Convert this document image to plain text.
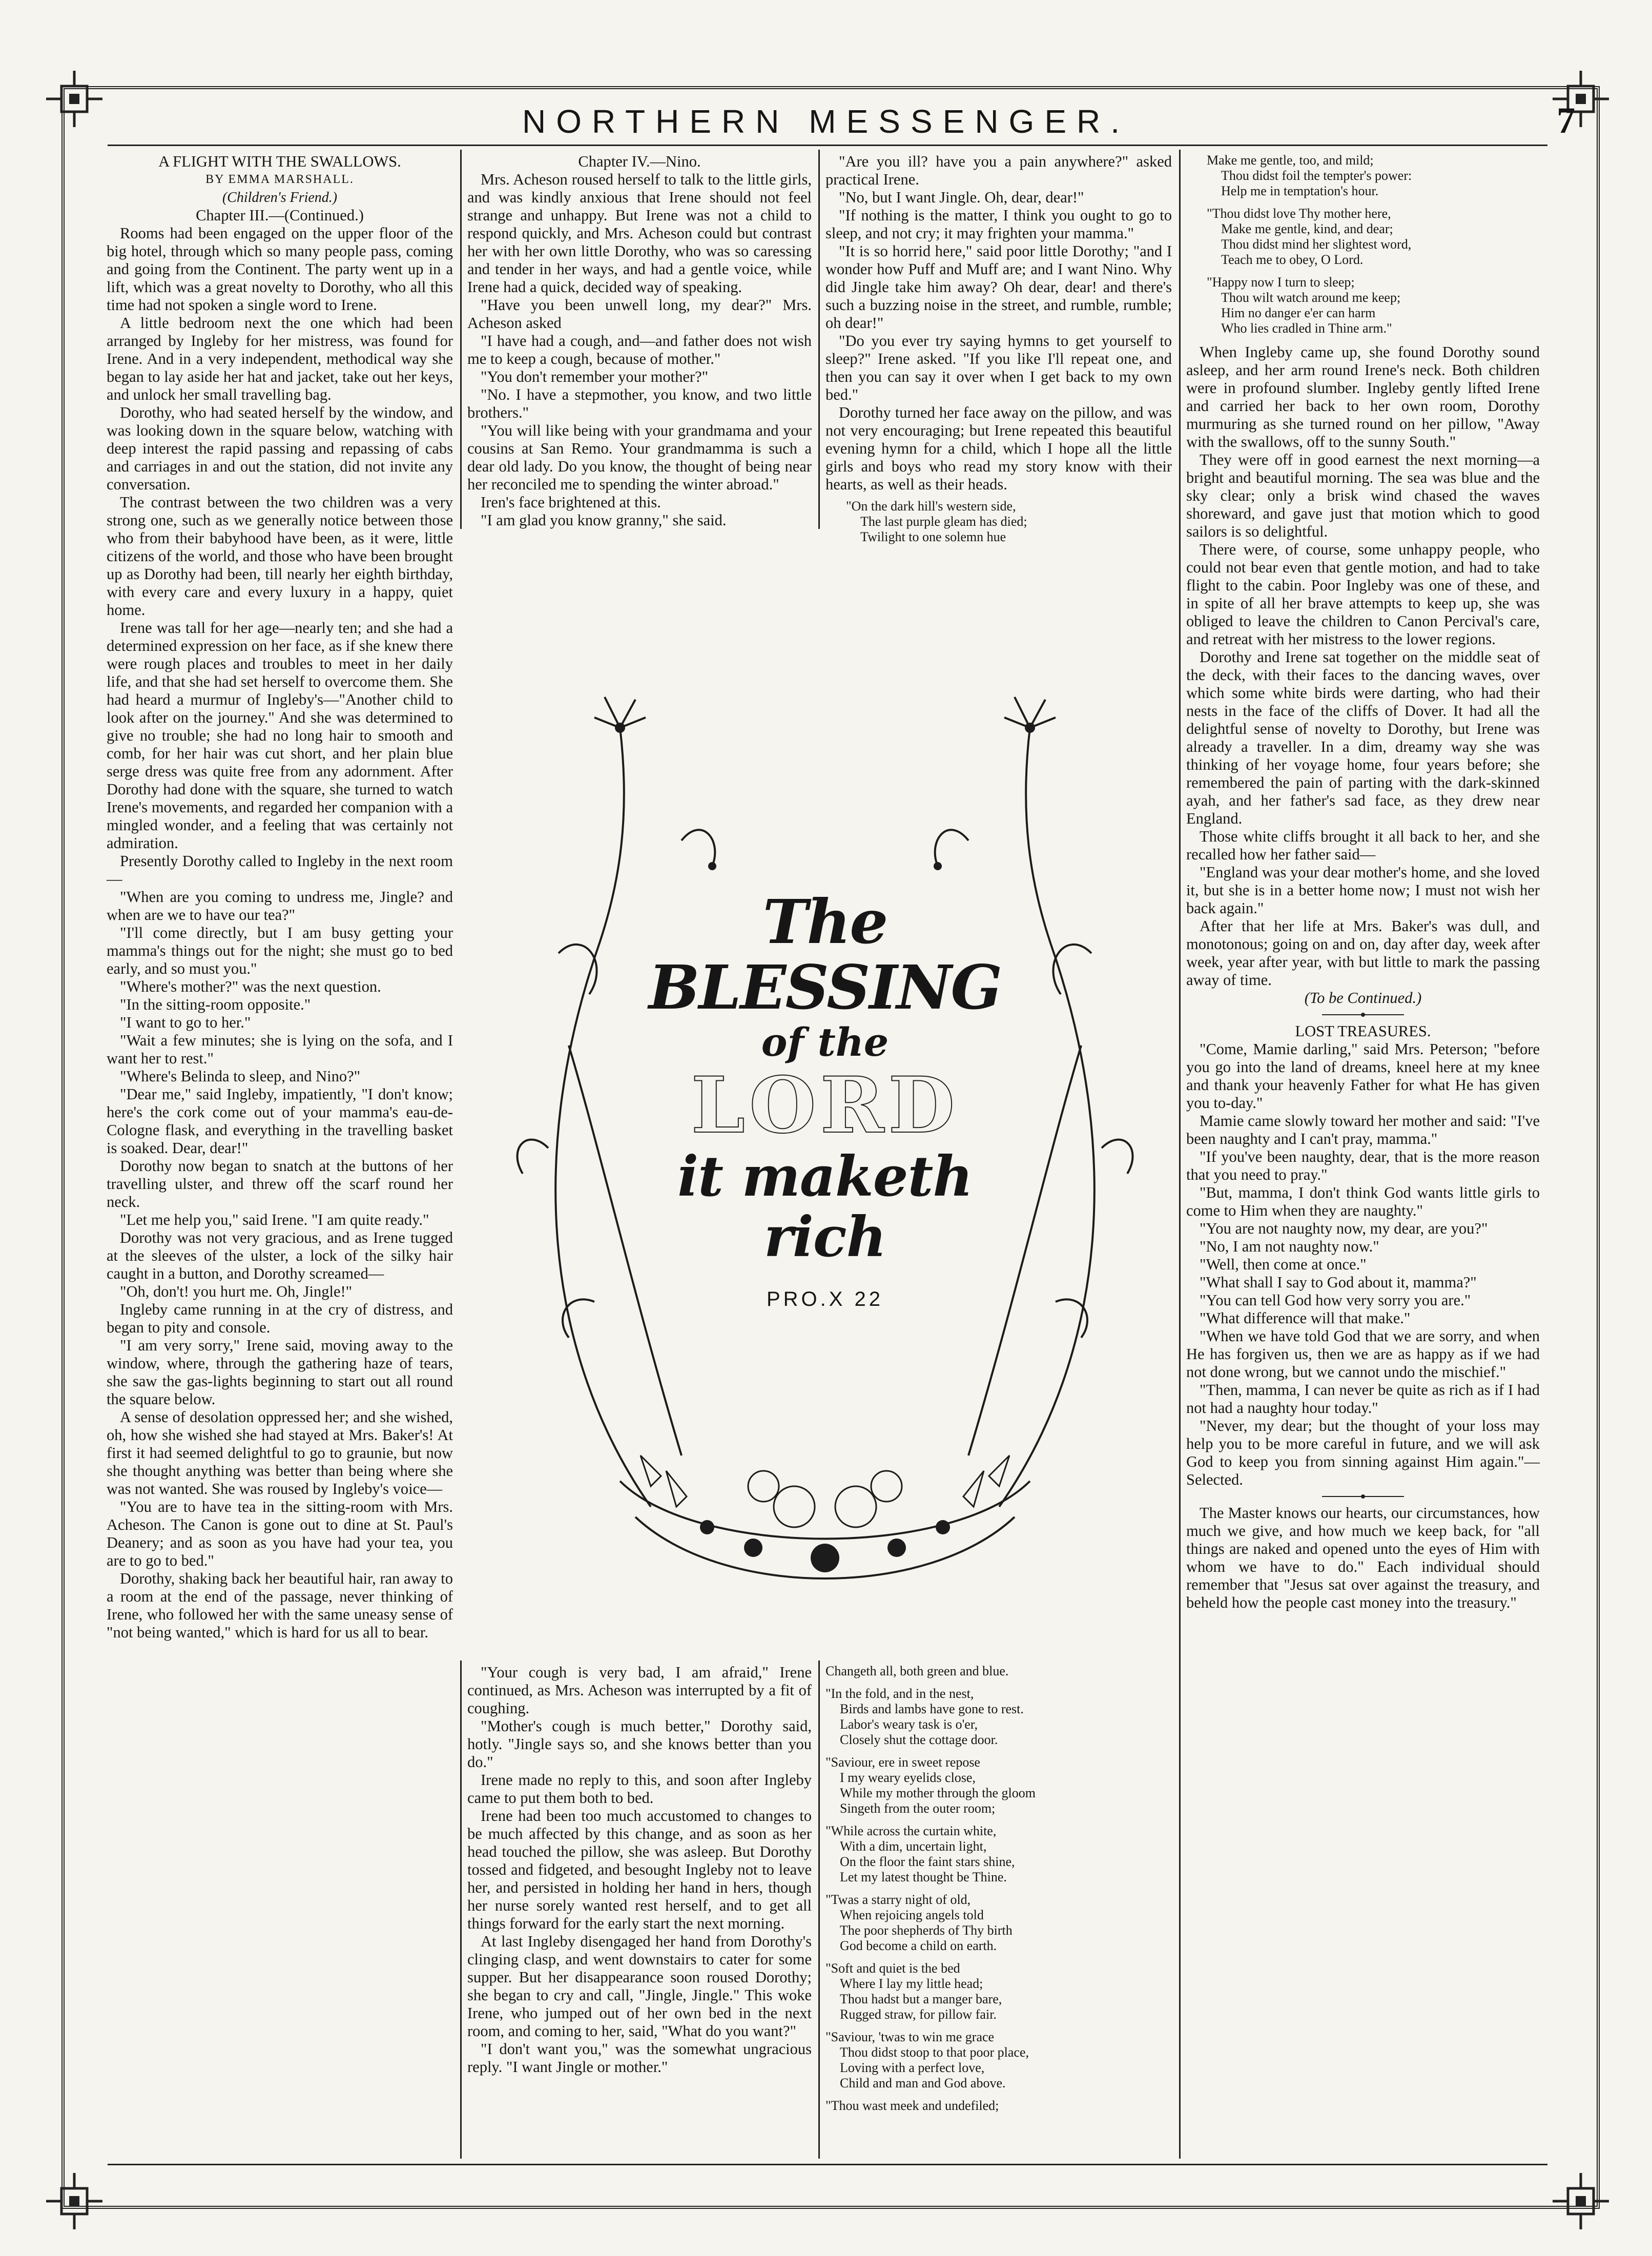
NORTHERN MESSENGER.	7

A FLIGHT WITH THE SWALLOWS.

BY EMMA MARSHALL.

(Children's Friend.)

Chapter III.—(Continued.)

Rooms had been engaged on the upper floor of the big hotel, through which so many people pass, coming and going from the Continent. The party went up in a lift, which was a great novelty to Dorothy, who all this time had not spoken a single word to Irene.

A little bedroom next the one which had been arranged by Ingleby for her mistress, was found for Irene. And in a very independent, methodical way she began to lay aside her hat and jacket, take out her keys, and unlock her small travelling bag.

Dorothy, who had seated herself by the window, and was looking down in the square below, watching with deep interest the rapid passing and repassing of cabs and carriages in and out the station, did not invite any conversation.

The contrast between the two children was a very strong one, such as we generally notice between those who from their babyhood have been, as it were, little citizens of the world, and those who have been brought up as Dorothy had been, till nearly her eighth birthday, with every care and every luxury in a happy, quiet home.

Irene was tall for her age—nearly ten; and she had a determined expression on her face, as if she knew there were rough places and troubles to meet in her daily life, and that she had set herself to overcome them. She had heard a murmur of Ingleby's—"Another child to look after on the journey." And she was determined to give no trouble; she had no long hair to smooth and comb, for her hair was cut short, and her plain blue serge dress was quite free from any adornment. After Dorothy had done with the square, she turned to watch Irene's movements, and regarded her companion with a mingled wonder, and a feeling that was certainly not admiration.

Presently Dorothy called to Ingleby in the next room—

"When are you coming to undress me, Jingle? and when are we to have our tea?"

"I'll come directly, but I am busy getting your mamma's things out for the night; she must go to bed early, and so must you."

"Where's mother?" was the next question.

"In the sitting-room opposite."

"I want to go to her."

"Wait a few minutes; she is lying on the sofa, and I want her to rest."

"Where's Belinda to sleep, and Nino?"

"Dear me," said Ingleby, impatiently, "I don't know; here's the cork come out of your mamma's eau-de-Cologne flask, and everything in the travelling basket is soaked. Dear, dear!"

Dorothy now began to snatch at the buttons of her travelling ulster, and threw off the scarf round her neck.

"Let me help you," said Irene. "I am quite ready."

Dorothy was not very gracious, and as Irene tugged at the sleeves of the ulster, a lock of the silky hair caught in a button, and Dorothy screamed—

"Oh, don't! you hurt me. Oh, Jingle!"

Ingleby came running in at the cry of distress, and began to pity and console.

"I am very sorry," Irene said, moving away to the window, where, through the gathering haze of tears, she saw the gas-lights beginning to start out all round the square below.

A sense of desolation oppressed her; and she wished, oh, how she wished she had stayed at Mrs. Baker's! At first it had seemed delightful to go to graunie, but now she thought anything was better than being where she was not wanted. She was roused by Ingleby's voice—

"You are to have tea in the sitting-room with Mrs. Acheson. The Canon is gone out to dine at St. Paul's Deanery; and as soon as you have had your tea, you are to go to bed."

Dorothy, shaking back her beautiful hair, ran away to a room at the end of the passage, never thinking of Irene, who followed her with the same uneasy sense of "not being wanted," which is hard for us all to bear.

Chapter IV.—Nino.

Mrs. Acheson roused herself to talk to the little girls, and was kindly anxious that Irene should not feel strange and unhappy. But Irene was not a child to respond quickly, and Mrs. Acheson could but contrast her with her own little Dorothy, who was so caressing and tender in her ways, and had a gentle voice, while Irene had a quick, decided way of speaking.

"Have you been unwell long, my dear?" Mrs. Acheson asked

"I have had a cough, and—and father does not wish me to keep a cough, because of mother."

"You don't remember your mother?"

"No. I have a stepmother, you know, and two little brothers."

"You will like being with your grandmama and your cousins at San Remo. Your grandmamma is such a dear old lady. Do you know, the thought of being near her reconciled me to spending the winter abroad."

Iren's face brightened at this.

"I am glad you know granny," she said.

"Are you ill? have you a pain anywhere?" asked practical Irene.

"No, but I want Jingle. Oh, dear, dear!"

"If nothing is the matter, I think you ought to go to sleep, and not cry; it may frighten your mamma."

"It is so horrid here," said poor little Dorothy; "and I wonder how Puff and Muff are; and I want Nino. Why did Jingle take him away? Oh dear, dear! and there's such a buzzing noise in the street, and rumble, rumble; oh dear!"

"Do you ever try saying hymns to get yourself to sleep?" Irene asked. "If you like I'll repeat one, and then you can say it over when I get back to my own bed."

Dorothy turned her face away on the pillow, and was not very encouraging; but Irene repeated this beautiful evening hymn for a child, which I hope all the little girls and boys who read my story know with their hearts, as well as their heads.

"On the dark hill's western side,
The last purple gleam has died;
Twilight to one solemn hue
The BLESSING
of the
LORD
it maketh rich
PRO.X 22

"Your cough is very bad, I am afraid," Irene continued, as Mrs. Acheson was interrupted by a fit of coughing.

"Mother's cough is much better," Dorothy said, hotly. "Jingle says so, and she knows better than you do."

Irene made no reply to this, and soon after Ingleby came to put them both to bed.

Irene had been too much accustomed to changes to be much affected by this change, and as soon as her head touched the pillow, she was asleep. But Dorothy tossed and fidgeted, and besought Ingleby not to leave her, and persisted in holding her hand in hers, though her nurse sorely wanted rest herself, and to get all things forward for the early start the next morning.

At last Ingleby disengaged her hand from Dorothy's clinging clasp, and went downstairs to cater for some supper. But her disappearance soon roused Dorothy; she began to cry and call, "Jingle, Jingle." This woke Irene, who jumped out of her own bed in the next room, and coming to her, said, "What do you want?"

"I don't want you," was the somewhat ungracious reply. "I want Jingle or mother."

Changeth all, both green and blue.
"In the fold, and in the nest,
Birds and lambs have gone to rest.
Labor's weary task is o'er,
Closely shut the cottage door.
"Saviour, ere in sweet repose
I my weary eyelids close,
While my mother through the gloom
Singeth from the outer room;
"While across the curtain white,
With a dim, uncertain light,
On the floor the faint stars shine,
Let my latest thought be Thine.
"Twas a starry night of old,
When rejoicing angels told
The poor shepherds of Thy birth
God become a child on earth.
"Soft and quiet is the bed
Where I lay my little head;
Thou hadst but a manger bare,
Rugged straw, for pillow fair.
"Saviour, 'twas to win me grace
Thou didst stoop to that poor place,
Loving with a perfect love,
Child and man and God above.
"Thou wast meek and undefiled;
Make me gentle, too, and mild;
Thou didst foil the tempter's power:
Help me in temptation's hour.
"Thou didst love Thy mother here,
Make me gentle, kind, and dear;
Thou didst mind her slightest word,
Teach me to obey, O Lord.
"Happy now I turn to sleep;
Thou wilt watch around me keep;
Him no danger e'er can harm
Who lies cradled in Thine arm."

When Ingleby came up, she found Dorothy sound asleep, and her arm round Irene's neck. Both children were in profound slumber. Ingleby gently lifted Irene and carried her back to her own room, Dorothy murmuring as she turned round on her pillow, "Away with the swallows, off to the sunny South."

They were off in good earnest the next morning—a bright and beautiful morning. The sea was blue and the sky clear; only a brisk wind chased the waves shoreward, and gave just that motion which to good sailors is so delightful.

There were, of course, some unhappy people, who could not bear even that gentle motion, and had to take flight to the cabin. Poor Ingleby was one of these, and in spite of all her brave attempts to keep up, she was obliged to leave the children to Canon Percival's care, and retreat with her mistress to the lower regions.

Dorothy and Irene sat together on the middle seat of the deck, with their faces to the dancing waves, over which some white birds were darting, who had their nests in the face of the cliffs of Dover. It had all the delightful sense of novelty to Dorothy, but Irene was already a traveller. In a dim, dreamy way she was thinking of her voyage home, four years before; she remembered the pain of parting with the dark-skinned ayah, and her father's sad face, as they drew near England.

Those white cliffs brought it all back to her, and she recalled how her father said—

"England was your dear mother's home, and she loved it, but she is in a better home now; I must not wish her back again."

After that her life at Mrs. Baker's was dull, and monotonous; going on and on, day after day, week after week, year after year, with but little to mark the passing away of time.

(To be Continued.)

LOST TREASURES.

"Come, Mamie darling," said Mrs. Peterson; "before you go into the land of dreams, kneel here at my knee and thank your heavenly Father for what He has given you to-day."

Mamie came slowly toward her mother and said: "I've been naughty and I can't pray, mamma."

"If you've been naughty, dear, that is the more reason that you need to pray."

"But, mamma, I don't think God wants little girls to come to Him when they are naughty."

"You are not naughty now, my dear, are you?"

"No, I am not naughty now."

"Well, then come at once."

"What shall I say to God about it, mamma?"

"You can tell God how very sorry you are."

"What difference will that make."

"When we have told God that we are sorry, and when He has forgiven us, then we are as happy as if we had not done wrong, but we cannot undo the mischief."

"Then, mamma, I can never be quite as rich as if I had not had a naughty hour today."

"Never, my dear; but the thought of your loss may help you to be more careful in future, and we will ask God to keep you from sinning against Him again."—Selected.

The Master knows our hearts, our circumstances, how much we give, and how much we keep back, for "all things are naked and opened unto the eyes of Him with whom we have to do." Each individual should remember that "Jesus sat over against the treasury, and beheld how the people cast money into the treasury."
